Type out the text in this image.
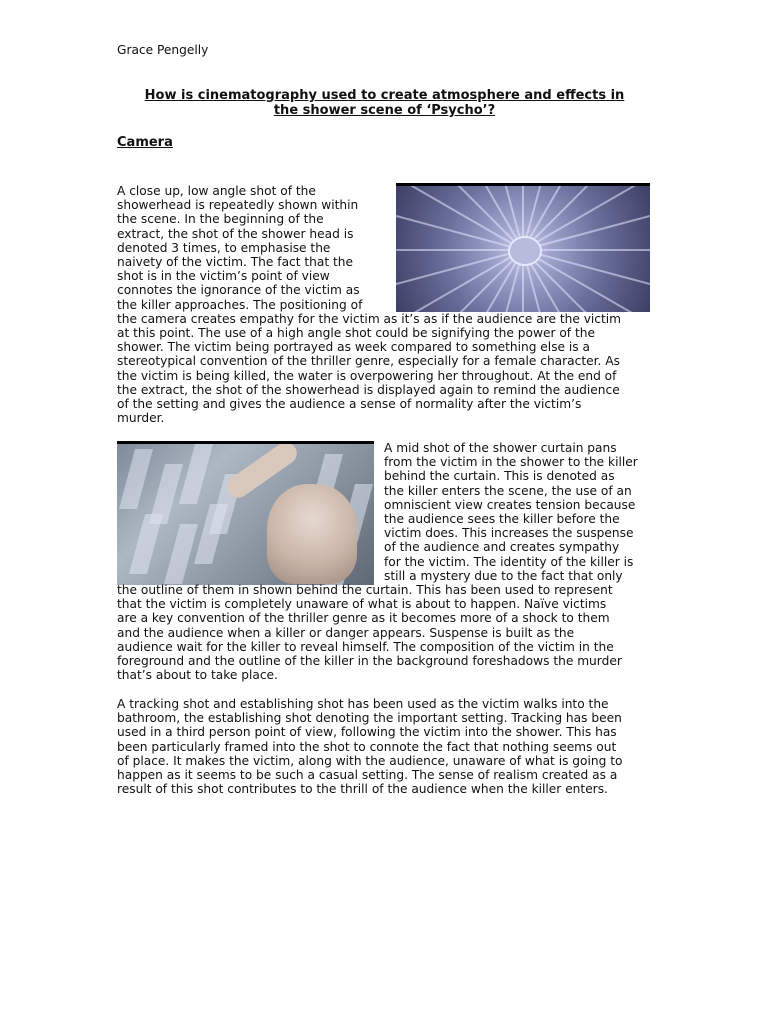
Grace Pengelly
How is cinematography used to create atmosphere and effects in
the shower scene of ‘Psycho’?
Camera
A close up, low angle shot of the
showerhead is repeatedly shown within
the scene. In the beginning of the
extract, the shot of the shower head is
denoted 3 times, to emphasise the
naivety of the victim. The fact that the
shot is in the victim’s point of view
connotes the ignorance of the victim as
the killer approaches. The positioning of
the camera creates empathy for the victim as it’s as if the audience are the victim
at this point. The use of a high angle shot could be signifying the power of the
shower. The victim being portrayed as week compared to something else is a
stereotypical convention of the thriller genre, especially for a female character. As
the victim is being killed, the water is overpowering her throughout. At the end of
the extract, the shot of the showerhead is displayed again to remind the audience
of the setting and gives the audience a sense of normality after the victim’s
murder.
A mid shot of the shower curtain pans
from the victim in the shower to the killer
behind the curtain. This is denoted as
the killer enters the scene, the use of an
omniscient view creates tension because
the audience sees the killer before the
victim does. This increases the suspense
of the audience and creates sympathy
for the victim. The identity of the killer is
still a mystery due to the fact that only
the outline of them in shown behind the curtain. This has been used to represent
that the victim is completely unaware of what is about to happen. Naïve victims
are a key convention of the thriller genre as it becomes more of a shock to them
and the audience when a killer or danger appears. Suspense is built as the
audience wait for the killer to reveal himself. The composition of the victim in the
foreground and the outline of the killer in the background foreshadows the murder
that’s about to take place.
A tracking shot and establishing shot has been used as the victim walks into the
bathroom, the establishing shot denoting the important setting. Tracking has been
used in a third person point of view, following the victim into the shower. This has
been particularly framed into the shot to connote the fact that nothing seems out
of place. It makes the victim, along with the audience, unaware of what is going to
happen as it seems to be such a casual setting. The sense of realism created as a
result of this shot contributes to the thrill of the audience when the killer enters.
